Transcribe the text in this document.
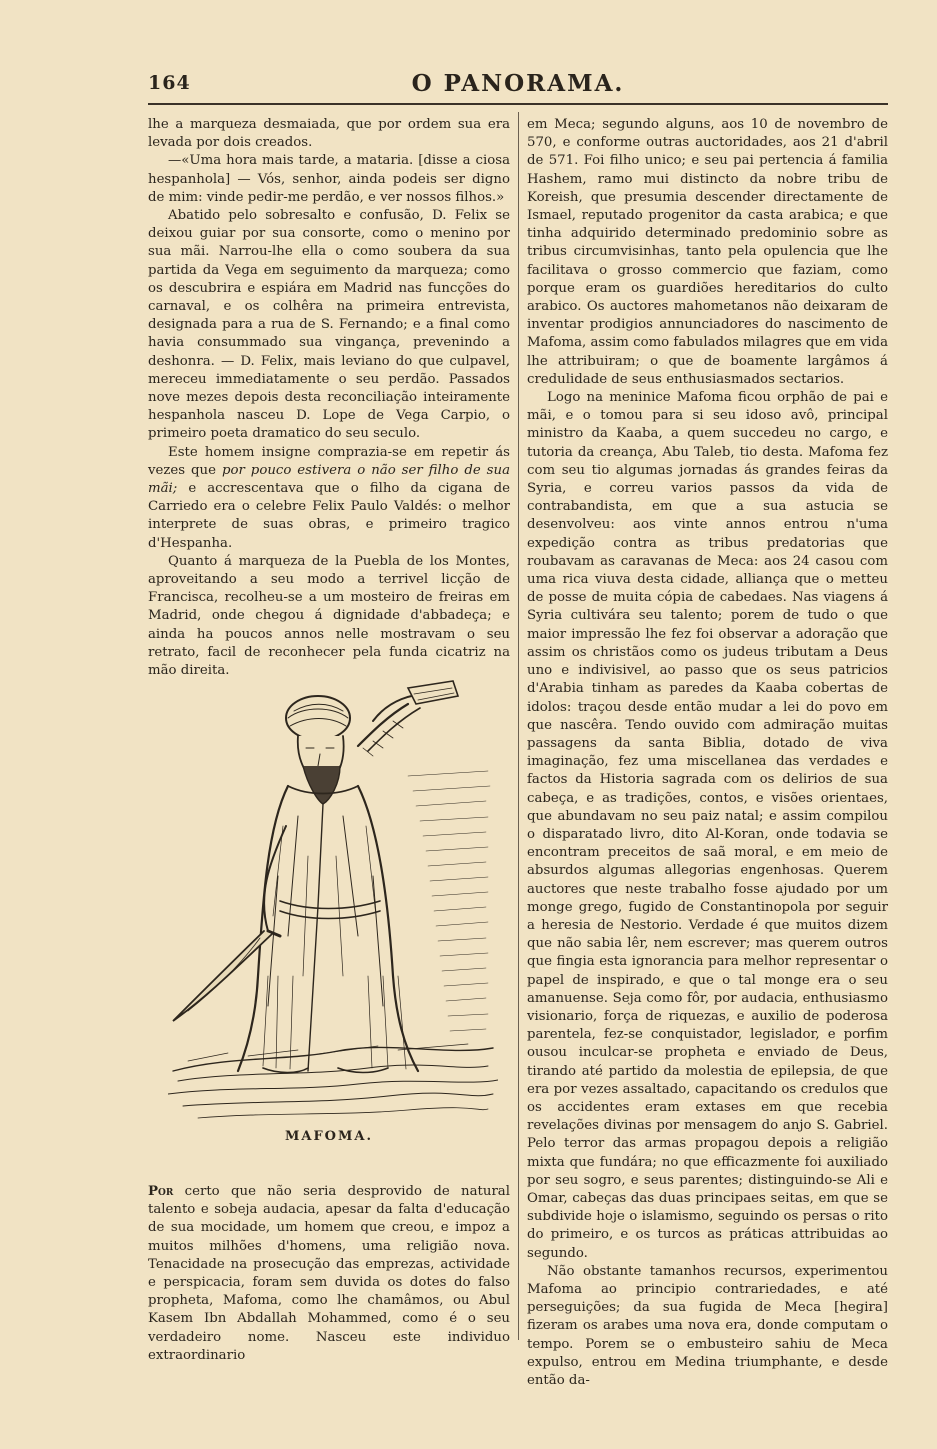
164	O PANORAMA.

lhe a marqueza desmaiada, que por ordem sua era levada por dois creados.

—«Uma hora mais tarde, a mataria. [disse a ciosa hespanhola] — Vós, senhor, ainda podeis ser digno de mim: vinde pedir-me perdão, e ver nossos filhos.»

Abatido pelo sobresalto e confusão, D. Felix se deixou guiar por sua consorte, como o menino por sua mãi. Narrou-lhe ella o como soubera da sua partida da Vega em seguimento da marqueza; como os descubrira e espiára em Madrid nas funcções do carnaval, e os colhêra na primeira entrevista, designada para a rua de S. Fernando; e a final como havia consummado sua vingança, prevenindo a deshonra. — D. Felix, mais leviano do que culpavel, mereceu immediatamente o seu perdão. Passados nove mezes depois desta reconciliação inteiramente hespanhola nasceu D. Lope de Vega Carpio, o primeiro poeta dramatico do seu seculo.

Este homem insigne comprazia-se em repetir ás vezes que por pouco estivera o não ser filho de sua mãi; e accrescentava que o filho da cigana de Carriedo era o celebre Felix Paulo Valdés: o melhor interprete de suas obras, e primeiro tragico d'Hespanha.

Quanto á marqueza de la Puebla de los Montes, aproveitando a seu modo a terrivel licção de Francisca, recolheu-se a um mosteiro de freiras em Madrid, onde chegou á dignidade d'abbadeça; e ainda ha poucos annos nelle mostravam o seu retrato, facil de reconhecer pela funda cicatriz na mão direita.

MAFOMA.

Por certo que não seria desprovido de natural talento e sobeja audacia, apesar da falta d'educação de sua mocidade, um homem que creou, e impoz a muitos milhões d'homens, uma religião nova. Tenacidade na prosecução das emprezas, actividade e perspicacia, foram sem duvida os dotes do falso propheta, Mafoma, como lhe chamâmos, ou Abul Kasem Ibn Abdallah Mohammed, como é o seu verdadeiro nome. Nasceu este individuo extraordinario

em Meca; segundo alguns, aos 10 de novembro de 570, e conforme outras auctoridades, aos 21 d'abril de 571. Foi filho unico; e seu pai pertencia á familia Hashem, ramo mui distincto da nobre tribu de Koreish, que presumia descender directamente de Ismael, reputado progenitor da casta arabica; e que tinha adquirido determinado predominio sobre as tribus circumvisinhas, tanto pela opulencia que lhe facilitava o grosso commercio que faziam, como porque eram os guardiões hereditarios do culto arabico. Os auctores mahometanos não deixaram de inventar prodigios annunciadores do nascimento de Mafoma, assim como fabulados milagres que em vida lhe attribuiram; o que de boamente largâmos á credulidade de seus enthusiasmados sectarios.

Logo na meninice Mafoma ficou orphão de pai e mãi, e o tomou para si seu idoso avô, principal ministro da Kaaba, a quem succedeu no cargo, e tutoria da creança, Abu Taleb, tio desta. Mafoma fez com seu tio algumas jornadas ás grandes feiras da Syria, e correu varios passos da vida de contrabandista, em que a sua astucia se desenvolveu: aos vinte annos entrou n'uma expedição contra as tribus predatorias que roubavam as caravanas de Meca: aos 24 casou com uma rica viuva desta cidade, alliança que o metteu de posse de muita cópia de cabedaes. Nas viagens á Syria cultivára seu talento; porem de tudo o que maior impressão lhe fez foi observar a adoração que assim os christãos como os judeus tributam a Deus uno e indivisivel, ao passo que os seus patricios d'Arabia tinham as paredes da Kaaba cobertas de idolos: traçou desde então mudar a lei do povo em que nascêra. Tendo ouvido com admiração muitas passagens da santa Biblia, dotado de viva imaginação, fez uma miscellanea das verdades e factos da Historia sagrada com os delirios de sua cabeça, e as tradições, contos, e visões orientaes, que abundavam no seu paiz natal; e assim compilou o disparatado livro, dito Al-Koran, onde todavia se encontram preceitos de saã moral, e em meio de absurdos algumas allegorias engenhosas. Querem auctores que neste trabalho fosse ajudado por um monge grego, fugido de Constantinopola por seguir a heresia de Nestorio. Verdade é que muitos dizem que não sabia lêr, nem escrever; mas querem outros que fingia esta ignorancia para melhor representar o papel de inspirado, e que o tal monge era o seu amanuense. Seja como fôr, por audacia, enthusiasmo visionario, força de riquezas, e auxilio de poderosa parentela, fez-se conquistador, legislador, e porfim ousou inculcar-se propheta e enviado de Deus, tirando até partido da molestia de epilepsia, de que era por vezes assaltado, capacitando os credulos que os accidentes eram extases em que recebia revelações divinas por mensagem do anjo S. Gabriel. Pelo terror das armas propagou depois a religião mixta que fundára; no que efficazmente foi auxiliado por seu sogro, e seus parentes; distinguindo-se Ali e Omar, cabeças das duas principaes seitas, em que se subdivide hoje o islamismo, seguindo os persas o rito do primeiro, e os turcos as práticas attribuidas ao segundo.

Não obstante tamanhos recursos, experimentou Mafoma ao principio contrariedades, e até perseguições; da sua fugida de Meca [hegira] fizeram os arabes uma nova era, donde computam o tempo. Porem se o embusteiro sahiu de Meca expulso, entrou em Medina triumphante, e desde então da-
